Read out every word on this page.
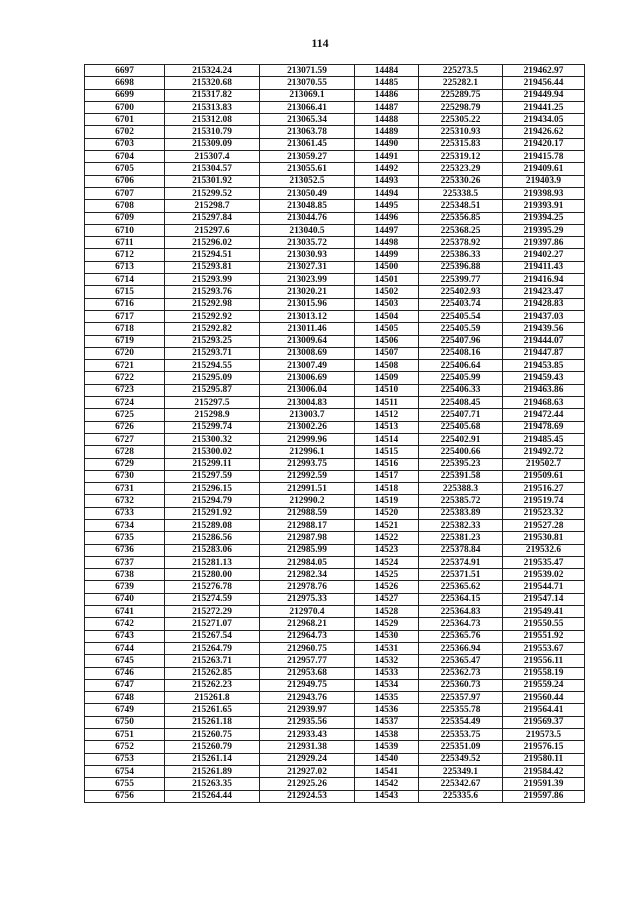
114
6697	215324.24	213071.59	14484	225273.5	219462.97
6698	215320.68	213070.55	14485	225282.1	219456.44
6699	215317.82	213069.1	14486	225289.75	219449.94
6700	215313.83	213066.41	14487	225298.79	219441.25
6701	215312.08	213065.34	14488	225305.22	219434.05
6702	215310.79	213063.78	14489	225310.93	219426.62
6703	215309.09	213061.45	14490	225315.83	219420.17
6704	215307.4	213059.27	14491	225319.12	219415.78
6705	215304.57	213055.61	14492	225323.29	219409.61
6706	215301.92	213052.5	14493	225330.26	219403.9
6707	215299.52	213050.49	14494	225338.5	219398.93
6708	215298.7	213048.85	14495	225348.51	219393.91
6709	215297.84	213044.76	14496	225356.85	219394.25
6710	215297.6	213040.5	14497	225368.25	219395.29
6711	215296.02	213035.72	14498	225378.92	219397.86
6712	215294.51	213030.93	14499	225386.33	219402.27
6713	215293.81	213027.31	14500	225396.88	219411.43
6714	215293.99	213023.99	14501	225399.77	219416.94
6715	215293.76	213020.21	14502	225402.93	219423.47
6716	215292.98	213015.96	14503	225403.74	219428.83
6717	215292.92	213013.12	14504	225405.54	219437.03
6718	215292.82	213011.46	14505	225405.59	219439.56
6719	215293.25	213009.64	14506	225407.96	219444.07
6720	215293.71	213008.69	14507	225408.16	219447.87
6721	215294.55	213007.49	14508	225406.64	219453.85
6722	215295.09	213006.69	14509	225405.99	219459.43
6723	215295.87	213006.04	14510	225406.33	219463.86
6724	215297.5	213004.83	14511	225408.45	219468.63
6725	215298.9	213003.7	14512	225407.71	219472.44
6726	215299.74	213002.26	14513	225405.68	219478.69
6727	215300.32	212999.96	14514	225402.91	219485.45
6728	215300.02	212996.1	14515	225400.66	219492.72
6729	215299.11	212993.75	14516	225395.23	219502.7
6730	215297.59	212992.59	14517	225391.58	219509.61
6731	215296.15	212991.51	14518	225388.3	219516.27
6732	215294.79	212990.2	14519	225385.72	219519.74
6733	215291.92	212988.59	14520	225383.89	219523.32
6734	215289.08	212988.17	14521	225382.33	219527.28
6735	215286.56	212987.98	14522	225381.23	219530.81
6736	215283.06	212985.99	14523	225378.84	219532.6
6737	215281.13	212984.05	14524	225374.91	219535.47
6738	215280.00	212982.34	14525	225371.51	219539.02
6739	215276.78	212978.76	14526	225365.62	219544.71
6740	215274.59	212975.33	14527	225364.15	219547.14
6741	215272.29	212970.4	14528	225364.83	219549.41
6742	215271.07	212968.21	14529	225364.73	219550.55
6743	215267.54	212964.73	14530	225365.76	219551.92
6744	215264.79	212960.75	14531	225366.94	219553.67
6745	215263.71	212957.77	14532	225365.47	219556.11
6746	215262.85	212953.68	14533	225362.73	219558.19
6747	215262.23	212949.75	14534	225360.73	219559.24
6748	215261.8	212943.76	14535	225357.97	219560.44
6749	215261.65	212939.97	14536	225355.78	219564.41
6750	215261.18	212935.56	14537	225354.49	219569.37
6751	215260.75	212933.43	14538	225353.75	219573.5
6752	215260.79	212931.38	14539	225351.09	219576.15
6753	215261.14	212929.24	14540	225349.52	219580.11
6754	215261.89	212927.02	14541	225349.1	219584.42
6755	215263.35	212925.26	14542	225342.67	219591.39
6756	215264.44	212924.53	14543	225335.6	219597.86
